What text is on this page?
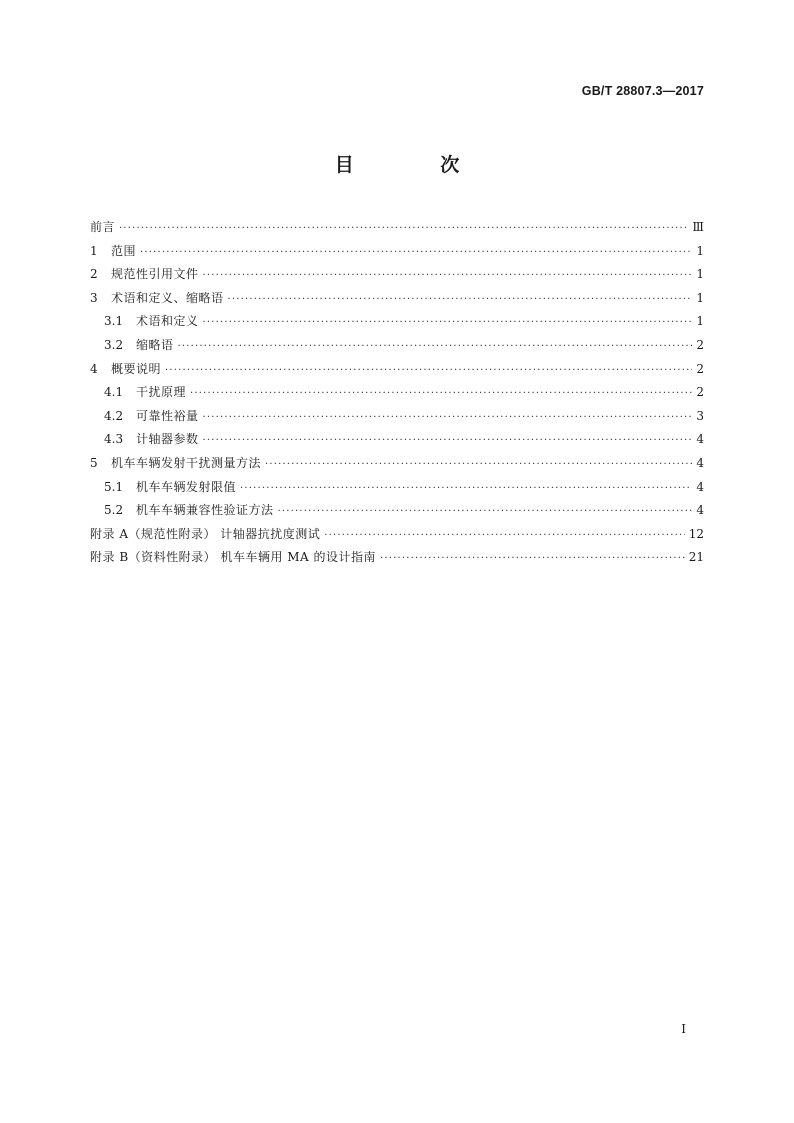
GB/T 28807.3—2017
目 次
前言 ·····	Ⅲ
1	范围 ·····	1
2	规范性引用文件 ·····	1
3	术语和定义、缩略语 ·····	1
3.1	术语和定义 ·····	1
3.2	缩略语 ·····	2
4	概要说明 ·····	2
4.1	干扰原理 ·····	2
4.2	可靠性裕量 ·····	3
4.3	计轴器参数 ·····	4
5	机车车辆发射干扰测量方法 ·····	4
5.1	机车车辆发射限值 ·····	4
5.2	机车车辆兼容性验证方法 ·····	4
附录 A（规范性附录） 计轴器抗扰度测试 ·····	12
附录 B（资料性附录） 机车车辆用 MA 的设计指南 ·····	21
I
